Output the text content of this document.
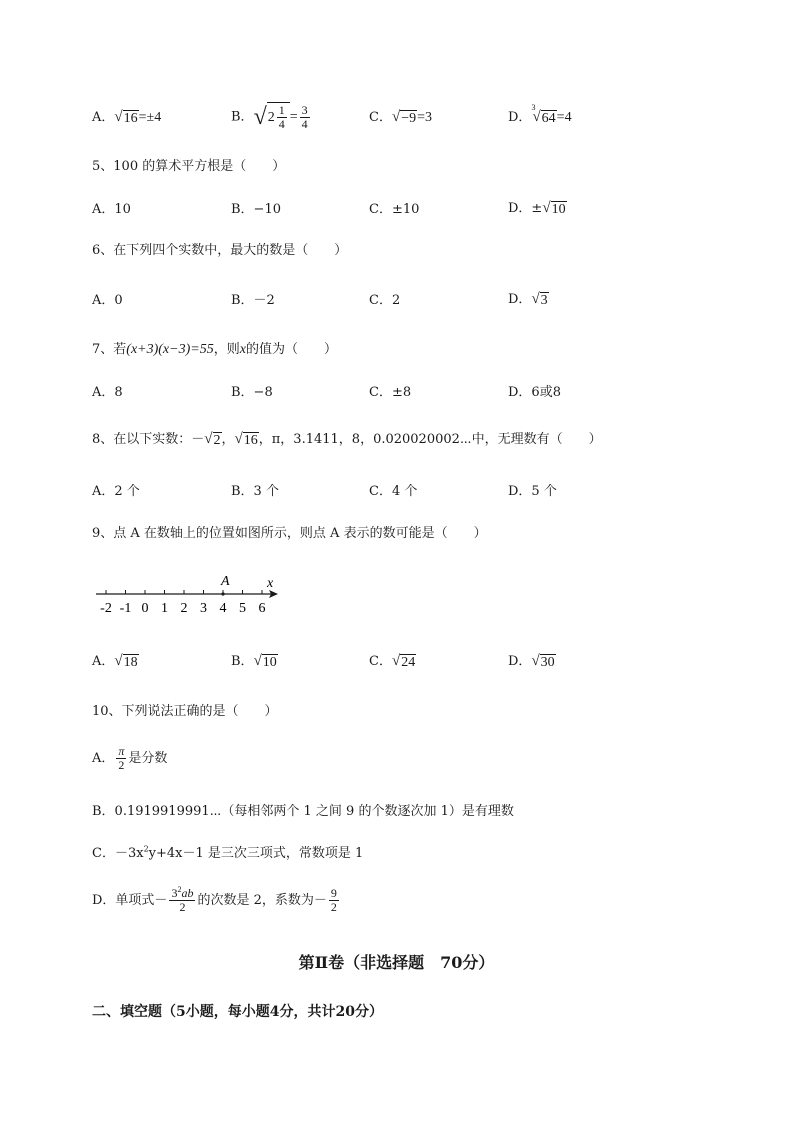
A． √ 16 =±4	B． √ $2 \frac{1}{4} = \frac{3}{4}$	C． √ −9 =3	D．
3
√ 64 =4
5、100 的算术平方根是（　　）
A．10	B．−10	C．±10	D．± √ 10
6、在下列四个实数中，最大的数是（　　）
A．0	B．－2	C．2	D． √ 3
7、若(x+3)(x−3)=55，则x的值为（　　）
A．8	B．−8	C．±8	D．6或8
8、在以下实数：－ √ 2 ， √ 16 ，π，3.1411，8，0.020020002⋯中，无理数有（　　）
A．2 个	B．3 个	C．4 个	D．5 个
9、点 A 在数轴上的位置如图所示，则点 A 表示的数可能是（　　）
-2 -1 0 1 2 3 4 5 6
A	x
A． √ 18	B． √ 10	C． √ 24	D． √ 30
10、下列说法正确的是（　　）
A． $\frac{\pi}{2}$ 是分数
B．0.1919919991⋯（每相邻两个 1 之间 9 的个数逐次加 1）是有理数
C．$-3x^2y+4x-1$ 是三次三项式，常数项是 1
D．单项式－ $\frac{3^2ab}{2}$ 的次数是 2，系数为－ $\frac{9}{2}$
第Ⅱ卷（非选择题　70分）
二、填空题（5小题，每小题4分，共计20分）
